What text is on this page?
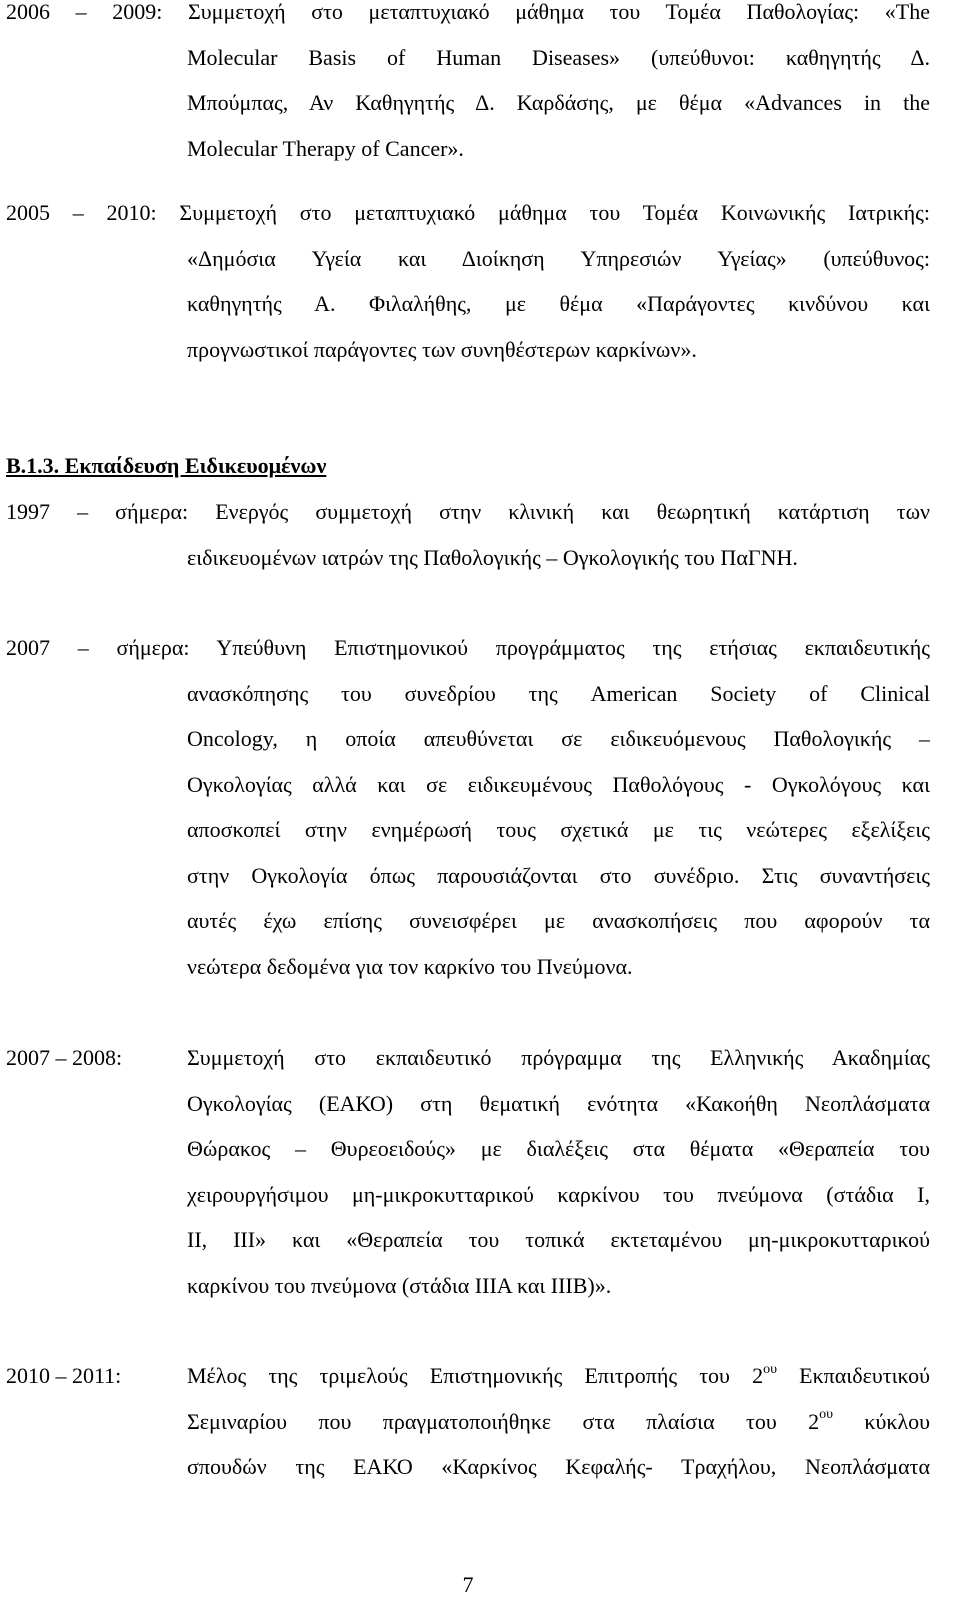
2006 – 2009: Συμμετοχή στο μεταπτυχιακό μάθημα του Τομέα Παθολογίας: «The
Molecular Basis of Human Diseases» (υπεύθυνοι: καθηγητής Δ.
Μπούμπας, Αν Καθηγητής Δ. Καρδάσης, με θέμα «Advances in the
Molecular Therapy of Cancer».
2005 – 2010: Συμμετοχή στο μεταπτυχιακό μάθημα του Τομέα Κοινωνικής Ιατρικής:
«Δημόσια Υγεία και Διοίκηση Υπηρεσιών Υγείας» (υπεύθυνος:
καθηγητής Α. Φιλαλήθης, με θέμα «Παράγοντες κινδύνου και
προγνωστικοί παράγοντες των συνηθέστερων καρκίνων».
Β.1.3. Εκπαίδευση Ειδικευομένων
1997 – σήμερα: Ενεργός συμμετοχή στην κλινική και θεωρητική κατάρτιση των
ειδικευομένων ιατρών της Παθολογικής – Ογκολογικής του ΠαΓΝΗ.
2007 – σήμερα: Υπεύθυνη Επιστημονικού προγράμματος της ετήσιας εκπαιδευτικής
ανασκόπησης του συνεδρίου της American Society of Clinical
Oncology, η οποία απευθύνεται σε ειδικευόμενους Παθολογικής –
Ογκολογίας αλλά και σε ειδικευμένους Παθολόγους - Ογκολόγους και
αποσκοπεί στην ενημέρωσή τους σχετικά με τις νεώτερες εξελίξεις
στην Ογκολογία όπως παρουσιάζονται στο συνέδριο. Στις συναντήσεις
αυτές έχω επίσης συνεισφέρει με ανασκοπήσεις που αφορούν τα
νεώτερα δεδομένα για τον καρκίνο του Πνεύμονα.
2007 – 2008:	Συμμετοχή στο εκπαιδευτικό πρόγραμμα της Ελληνικής Ακαδημίας
Ογκολογίας (ΕΑΚΟ) στη θεματική ενότητα «Κακοήθη Νεοπλάσματα
Θώρακος – Θυρεοειδούς» με διαλέξεις στα θέματα «Θεραπεία του
χειρουργήσιμου μη-μικροκυτταρικού καρκίνου του πνεύμονα (στάδια Ι,
ΙΙ, ΙΙΙ» και «Θεραπεία του τοπικά εκτεταμένου μη-μικροκυτταρικού
καρκίνου του πνεύμονα (στάδια ΙΙΙΑ και ΙΙΙΒ)».
2010 – 2011:	Μέλος της τριμελούς Επιστημονικής Επιτροπής του $2^{o\upsilon}$ Εκπαιδευτικού
Σεμιναρίου που πραγματοποιήθηκε στα πλαίσια του $2^{o\upsilon}$ κύκλου
σπουδών της ΕΑΚΟ «Καρκίνος Κεφαλής- Τραχήλου, Νεοπλάσματα
7
